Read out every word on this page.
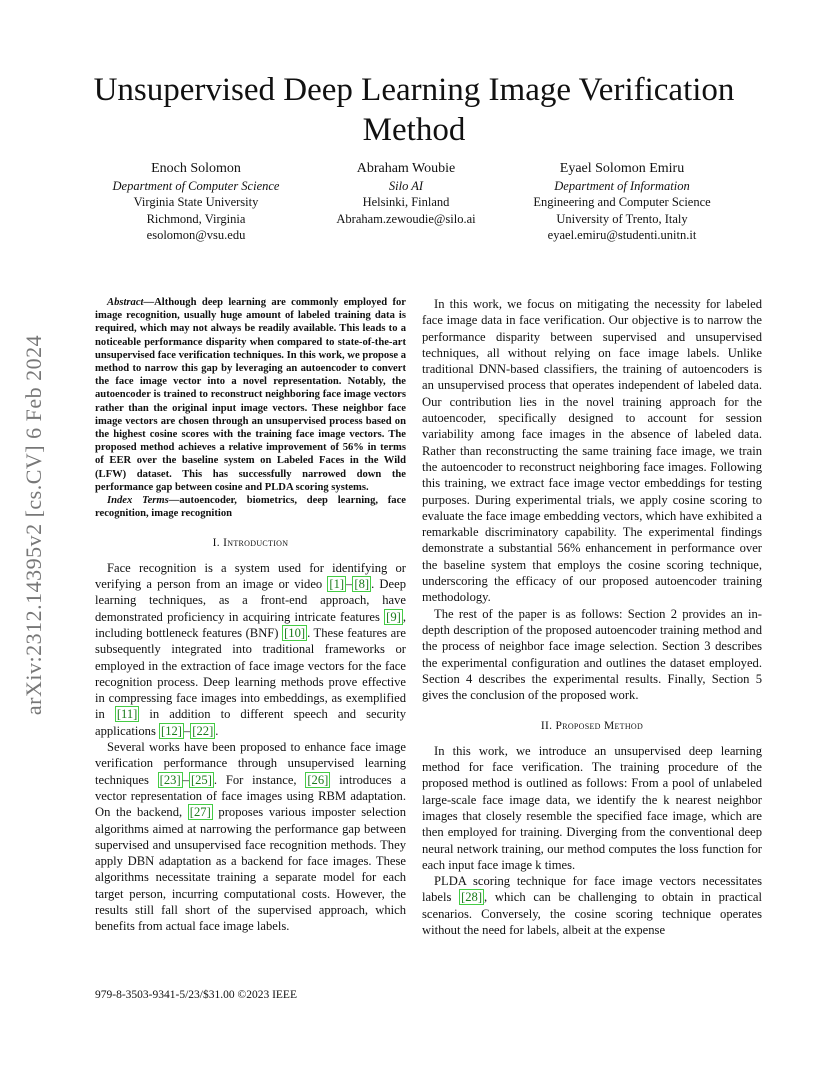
Unsupervised Deep Learning Image Verification Method
Enoch Solomon
Department of Computer Science
Virginia State University
Richmond, Virginia
esolomon@vsu.edu
Abraham Woubie
Silo AI
Helsinki, Finland
Abraham.zewoudie@silo.ai
Eyael Solomon Emiru
Department of Information
Engineering and Computer Science
University of Trento, Italy
eyael.emiru@studenti.unitn.it
arXiv:2312.14395v2 [cs.CV] 6 Feb 2024

Abstract—Although deep learning are commonly employed for image recognition, usually huge amount of labeled training data is required, which may not always be readily available. This leads to a noticeable performance disparity when compared to state-of-the-art unsupervised face verification techniques. In this work, we propose a method to narrow this gap by leveraging an autoencoder to convert the face image vector into a novel representation. Notably, the autoencoder is trained to reconstruct neighboring face image vectors rather than the original input image vectors. These neighbor face image vectors are chosen through an unsupervised process based on the highest cosine scores with the training face image vectors. The proposed method achieves a relative improvement of 56% in terms of EER over the baseline system on Labeled Faces in the Wild (LFW) dataset. This has successfully narrowed down the performance gap between cosine and PLDA scoring systems.

Index Terms—autoencoder, biometrics, deep learning, face recognition, image recognition

I. Introduction

Face recognition is a system used for identifying or verifying a person from an image or video [1] – [8] . Deep learning techniques, as a front-end approach, have demonstrated proficiency in acquiring intricate features [9] , including bottleneck features (BNF) [10] . These features are subsequently integrated into traditional frameworks or employed in the extraction of face image vectors for the face recognition process. Deep learning methods prove effective in compressing face images into embeddings, as exemplified in [11] in addition to different speech and security applications [12] – [22] .

Several works have been proposed to enhance face image verification performance through unsupervised learning techniques [23] – [25] . For instance, [26] introduces a vector representation of face images using RBM adaptation. On the backend, [27] proposes various imposter selection algorithms aimed at narrowing the performance gap between supervised and unsupervised face recognition methods. They apply DBN adaptation as a backend for face images. These algorithms necessitate training a separate model for each target person, incurring computational costs. However, the results still fall short of the supervised approach, which benefits from actual face image labels.

In this work, we focus on mitigating the necessity for labeled face image data in face verification. Our objective is to narrow the performance disparity between supervised and unsupervised techniques, all without relying on face image labels. Unlike traditional DNN-based classifiers, the training of autoencoders is an unsupervised process that operates independent of labeled data. Our contribution lies in the novel training approach for the autoencoder, specifically designed to account for session variability among face images in the absence of labeled data. Rather than reconstructing the same training face image, we train the autoencoder to reconstruct neighboring face images. Following this training, we extract face image vector embeddings for testing purposes. During experimental trials, we apply cosine scoring to evaluate the face image embedding vectors, which have exhibited a remarkable discriminatory capability. The experimental findings demonstrate a substantial 56% enhancement in performance over the baseline system that employs the cosine scoring technique, underscoring the efficacy of our proposed autoencoder training methodology.

The rest of the paper is as follows: Section 2 provides an in-depth description of the proposed autoencoder training method and the process of neighbor face image selection. Section 3 describes the experimental configuration and outlines the dataset employed. Section 4 describes the experimental results. Finally, Section 5 gives the conclusion of the proposed work.

II. Proposed Method

In this work, we introduce an unsupervised deep learning method for face verification. The training procedure of the proposed method is outlined as follows: From a pool of unlabeled large-scale face image data, we identify the k nearest neighbor images that closely resemble the specified face image, which are then employed for training. Diverging from the conventional deep neural network training, our method computes the loss function for each input face image k times.

PLDA scoring technique for face image vectors necessitates labels [28] , which can be challenging to obtain in practical scenarios. Conversely, the cosine scoring technique operates without the need for labels, albeit at the expense

979-8-3503-9341-5/23/$31.00 ©2023 IEEE
